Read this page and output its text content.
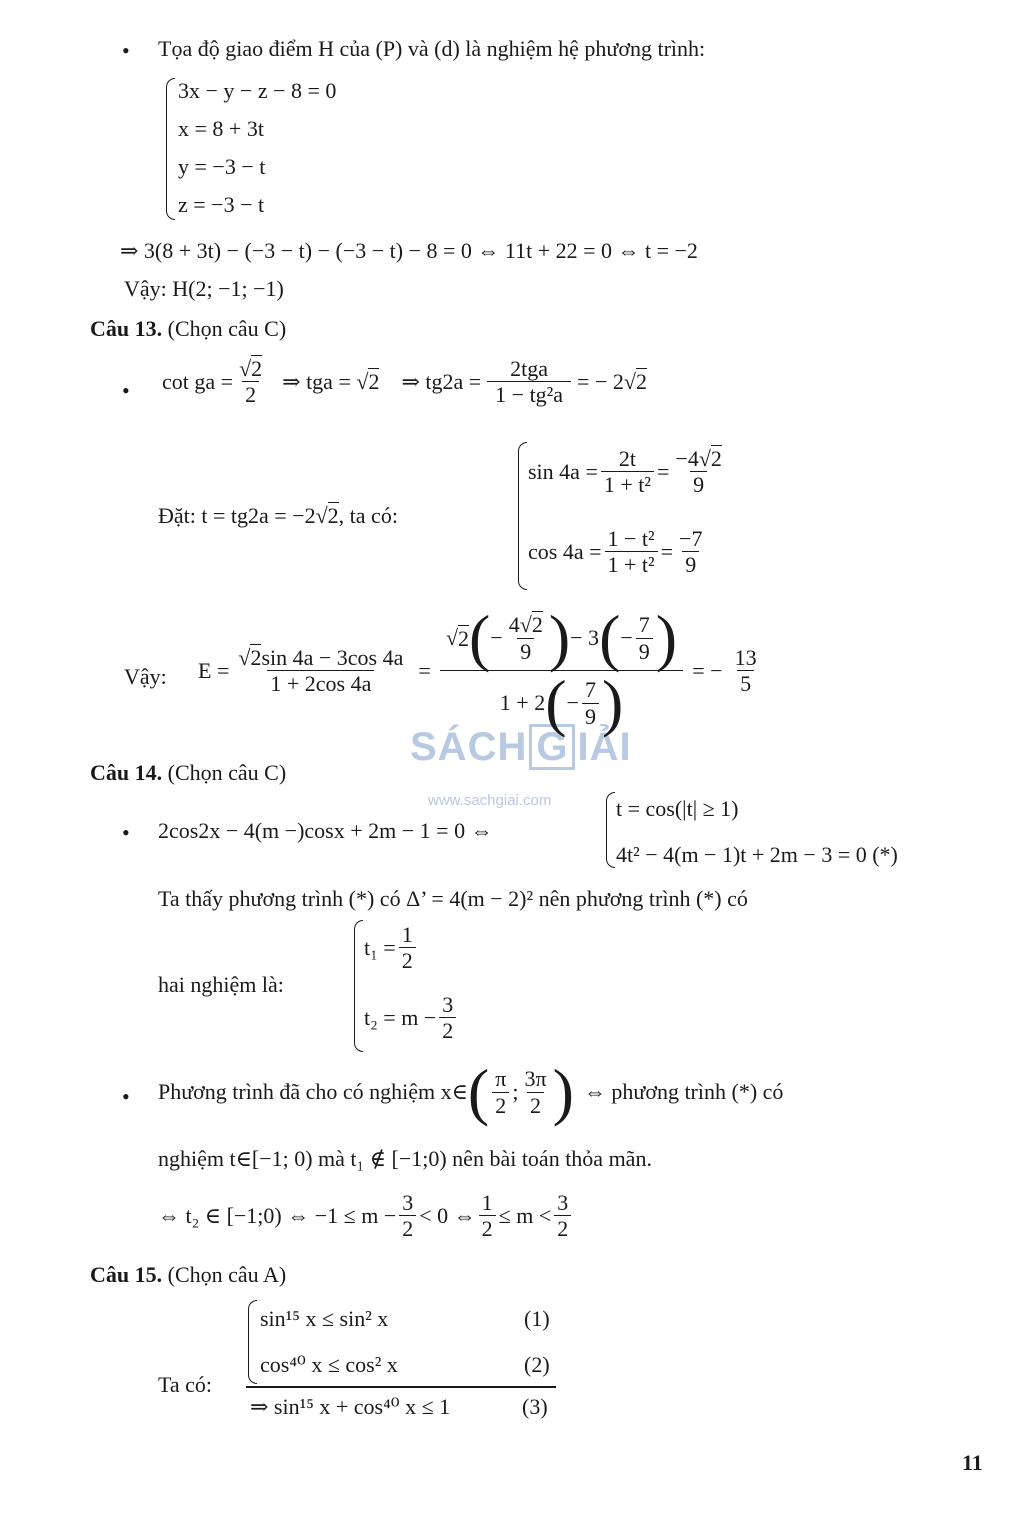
SÁCH G IẢI
www.sachgiai.com
• Tọa độ giao điểm H của (P) và (d) là nghiệm hệ phương trình:
3x − y − z − 8 = 0
x = 8 + 3t
y = −3 − t
z = −3 − t
⇒ 3(8 + 3t) − (−3 − t) − (−3 − t) − 8 = 0 ⇔ 11t + 22 = 0 ⇔ t = −2
Vậy: H(2; −1; −1)
Câu 13. (Chọn câu C)
• cot ga = $\frac{√2}{2}$ ⇒ tga = √2 ⇒ $tg2a = \frac{\text{2tga}}{\text{1 − tg²a}}$ = − 2√2
Đặt: t = tg2a = −2√2, ta có:
$\sin 4a = \frac{2t}{\text{1 + t²}} = \frac{-4√2}{9}$
$\cos 4a = \frac{\text{1 − t²}}{\text{1 + t²}} = \frac{-7}{9}$
Vậy: $E = \frac{√2\sin 4a - 3\cos 4a}{1 + 2\cos 4a}$ =
√ 2 ( − $\frac{4√2}{9}$ ) − 3 ( − $\frac{7}{9}$ )
1 + 2 ( − $\frac{7}{9}$ )	= − $\frac{13}{5}$
Câu 14. (Chọn câu C)
• 2cos2x − 4(m −)cosx + 2m − 1 = 0 ⇔
t = cos(|t| ≥ 1)
4t² − 4(m − 1)t + 2m − 3 = 0 (*)
Ta thấy phương trình (*) có Δ’ = 4(m − 2)² nên phương trình (*) có
hai nghiệm là:
$t_1 = \frac{1}{2}$
$t_2 = m - \frac{3}{2}$
• Phương trình đã cho có nghiệm x∈ ( $\frac{\pi}{2}$ ; $\frac{3\pi}{2}$ ) ⇔ phương trình (*) có
nghiệm t∈[−1; 0) mà t₁ ∉ [−1;0) nên bài toán thỏa mãn.
⇔ t₂ ∈ [−1;0) ⇔ $-1 \le m - \frac{3}{2} < 0$ ⇔ $\frac{1}{2} \le m < \frac{3}{2}$
Câu 15. (Chọn câu A)
sin¹⁵ x ≤ sin² x	(1)
Ta có:
cos⁴⁰ x ≤ cos² x	(2)
⇒ sin¹⁵ x + cos⁴⁰ x ≤ 1	(3)
11
